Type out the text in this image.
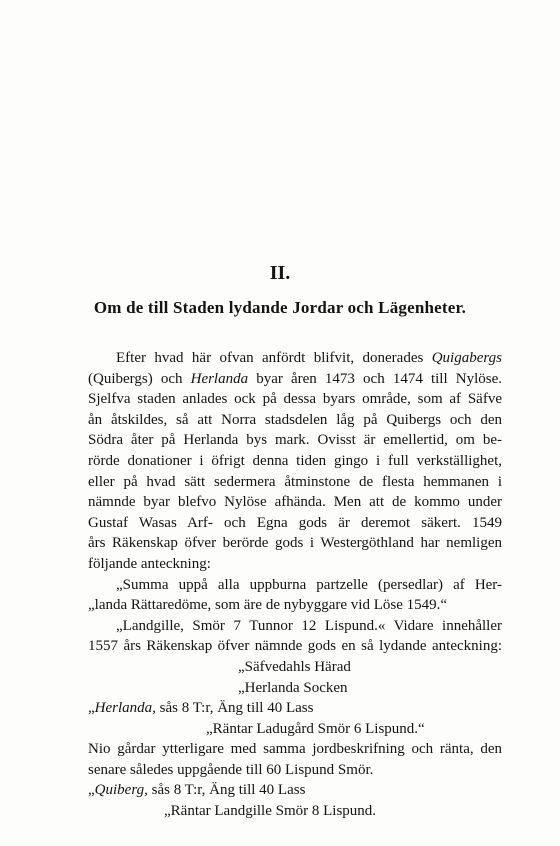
II.
Om de till Staden lydande Jordar och Lägenheter.
Efter hvad här ofvan anfördt blifvit, donerades Quigabergs
(Quibergs) och Herlanda byar åren 1473 och 1474 till Nylöse.
Sjelfva staden anlades ock på dessa byars område, som af Säfve
ån åtskildes, så att Norra stadsdelen låg på Quibergs och den
Södra åter på Herlanda bys mark. Ovisst är emellertid, om be-
rörde donationer i öfrigt denna tiden gingo i full verkställighet,
eller på hvad sätt sedermera åtminstone de flesta hemmanen i
nämnde byar blefvo Nylöse afhända. Men att de kommo under
Gustaf Wasas Arf- och Egna gods är deremot säkert. 1549
års Räkenskap öfver berörde gods i Westergöthland har nemligen
följande anteckning:
„Summa uppå alla uppburna partzelle (persedlar) af Her-
„landa Rättaredöme, som äre de nybyggare vid Löse 1549.“
„Landgille, Smör 7 Tunnor 12 Lispund.« Vidare innehåller
1557 års Räkenskap öfver nämnde gods en så lydande anteckning:
„Säfvedahls Härad
„Herlanda Socken
„Herlanda, sås 8 T:r, Äng till 40 Lass
„Räntar Ladugård Smör 6 Lispund.“
Nio gårdar ytterligare med samma jordbeskrifning och ränta, den
senare således uppgående till 60 Lispund Smör.
„Quiberg, sås 8 T:r, Äng till 40 Lass
„Räntar Landgille Smör 8 Lispund.
